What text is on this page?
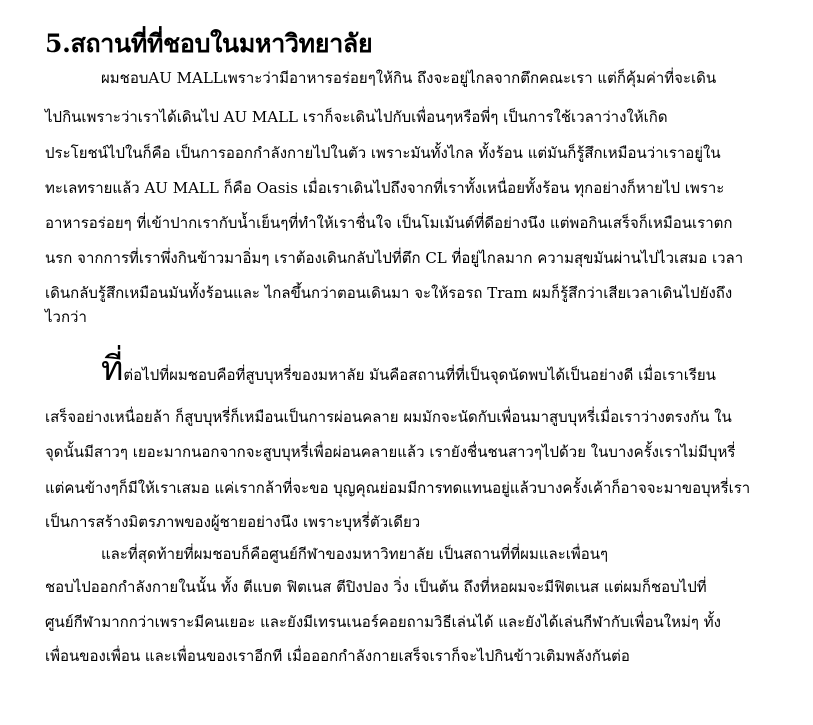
5.สถานที่ที่ชอบในมหาวิทยาลัย
ผมชอบAU MALLเพราะว่ามีอาหารอร่อยๆให้กิน ถึงจะอยู่ไกลจากตึกคณะเรา แต่ก็คุ้มค่าที่จะเดิน
ไปกินเพราะว่าเราได้เดินไป AU MALL เราก็จะเดินไปกับเพื่อนๆหรือพี่ๆ เป็นการใช้เวลาว่างให้เกิด
ประโยชน์ไปในก็คือ เป็นการออกกำลังกายไปในตัว เพราะมันทั้งไกล ทั้งร้อน แต่มันก็รู้สึกเหมือนว่าเราอยู่ใน
ทะเลทรายแล้ว AU MALL ก็คือ Oasis เมื่อเราเดินไปถึงจากที่เราทั้งเหนื่อยทั้งร้อน ทุกอย่างก็หายไป เพราะ
อาหารอร่อยๆ ที่เข้าปากเรากับน้ำเย็นๆที่ทำให้เราชื่นใจ เป็นโมเม้นต์ที่ดีอย่างนึง แต่พอกินเสร็จก็เหมือนเราตก
นรก จากการที่เราพึ่งกินข้าวมาอิ่มๆ เราต้องเดินกลับไปที่ตึก CL ที่อยู่ไกลมาก ความสุขมันผ่านไปไวเสมอ เวลา
เดินกลับรู้สึกเหมือนมันทั้งร้อนและ ไกลขึ้นกว่าตอนเดินมา จะให้รอรถ Tram ผมก็รู้สึกว่าเสียเวลาเดินไปยังถึง
ไวกว่า
ที่ต่อไปที่ผมชอบคือที่สูบบุหรี่ของมหาลัย มันคือสถานที่ที่เป็นจุดนัดพบได้เป็นอย่างดี เมื่อเราเรียน
เสร็จอย่างเหนื่อยล้า ก็สูบบุหรี่ก็เหมือนเป็นการผ่อนคลาย ผมมักจะนัดกับเพื่อนมาสูบบุหรี่เมื่อเราว่างตรงกัน ใน
จุดนั้นมีสาวๆ เยอะมากนอกจากจะสูบบุหรี่เพื่อผ่อนคลายแล้ว เรายังชื่นชนสาวๆไปด้วย ในบางครั้งเราไม่มีบุหรี่
แต่คนข้างๆก็มีให้เราเสมอ แค่เรากล้าที่จะขอ บุญคุณย่อมมีการทดแทนอยู่แล้วบางครั้งเค้าก็อาจจะมาขอบุหรี่เรา
เป็นการสร้างมิตรภาพของผู้ชายอย่างนึง เพราะบุหรี่ตัวเดียว
และที่สุดท้ายที่ผมชอบก็คือศูนย์กีฬาของมหาวิทยาลัย เป็นสถานที่ที่ผมและเพื่อนๆ
ชอบไปออกกำลังกายในนั้น ทั้ง ตีแบต ฟิตเนส ตีปิงปอง วิ่ง เป็นต้น ถึงที่หอผมจะมีฟิตเนส แต่ผมก็ชอบไปที่
ศูนย์กีฬามากกว่าเพราะมีคนเยอะ และยังมีเทรนเนอร์คอยถามวิธีเล่นได้ และยังได้เล่นกีฬากับเพื่อนใหม่ๆ ทั้ง
เพื่อนของเพื่อน และเพื่อนของเราอีกที เมื่อออกกำลังกายเสร็จเราก็จะไปกินข้าวเติมพลังกันต่อ
